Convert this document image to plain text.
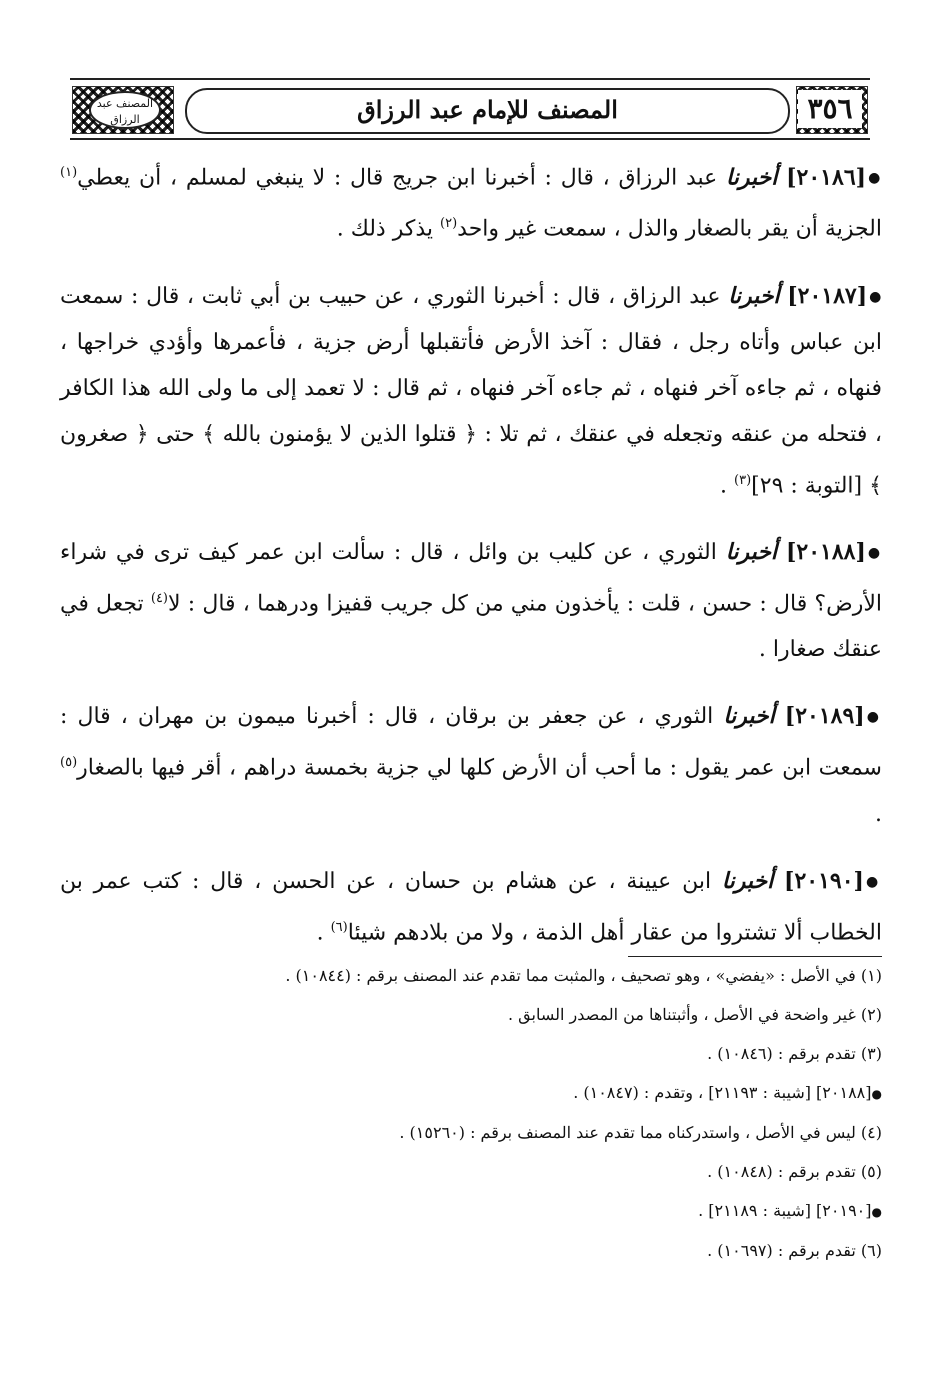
المصنف عبد الرزاق	المصنف للإمام عبد الرزاق	٣٥٦

●[٢٠١٨٦] أخبرنا عبد الرزاق ، قال : أخبرنا ابن جريج قال : لا ينبغي لمسلم ، أن يعطي$^{(١)}$ الجزية أن يقر بالصغار والذل ، سمعت غير واحد$^{(٢)}$ يذكر ذلك .

●[٢٠١٨٧] أخبرنا عبد الرزاق ، قال : أخبرنا الثوري ، عن حبيب بن أبي ثابت ، قال : سمعت ابن عباس وأتاه رجل ، فقال : آخذ الأرض فأتقبلها أرض جزية ، فأعمرها وأؤدي خراجها ، فنهاه ، ثم جاءه آخر فنهاه ، ثم جاءه آخر فنهاه ، ثم قال : لا تعمد إلى ما ولى الله هذا الكافر ، فتحله من عنقه وتجعله في عنقك ، ثم تلا : ﴿ قتلوا الذين لا يؤمنون بالله ﴾ حتى ﴿ صغرون ﴾ [التوبة : ٢٩]$^{(٣)}$ .

●[٢٠١٨٨] أخبرنا الثوري ، عن كليب بن وائل ، قال : سألت ابن عمر كيف ترى في شراء الأرض؟ قال : حسن ، قلت : يأخذون مني من كل جريب قفيزا ودرهما ، قال : لا$^{(٤)}$ تجعل في عنقك صغارا .

●[٢٠١٨٩] أخبرنا الثوري ، عن جعفر بن برقان ، قال : أخبرنا ميمون بن مهران ، قال : سمعت ابن عمر يقول : ما أحب أن الأرض كلها لي جزية بخمسة دراهم ، أقر فيها بالصغار$^{(٥)}$ .

●[٢٠١٩٠] أخبرنا ابن عيينة ، عن هشام بن حسان ، عن الحسن ، قال : كتب عمر بن الخطاب ألا تشتروا من عقار أهل الذمة ، ولا من بلادهم شيئا$^{(٦)}$ .

(١) في الأصل : «يفضي» ، وهو تصحيف ، والمثبت مما تقدم عند المصنف برقم : (١٠٨٤٤) .

(٢) غير واضحة في الأصل ، وأثبتناها من المصدر السابق .

(٣) تقدم برقم : (١٠٨٤٦) .

●[٢٠١٨٨] [شيبة : ٢١١٩٣] ، وتقدم : (١٠٨٤٧) .

(٤) ليس في الأصل ، واستدركناه مما تقدم عند المصنف برقم : (١٥٢٦٠) .

(٥) تقدم برقم : (١٠٨٤٨) .

●[٢٠١٩٠] [شيبة : ٢١١٨٩] .

(٦) تقدم برقم : (١٠٦٩٧) .
